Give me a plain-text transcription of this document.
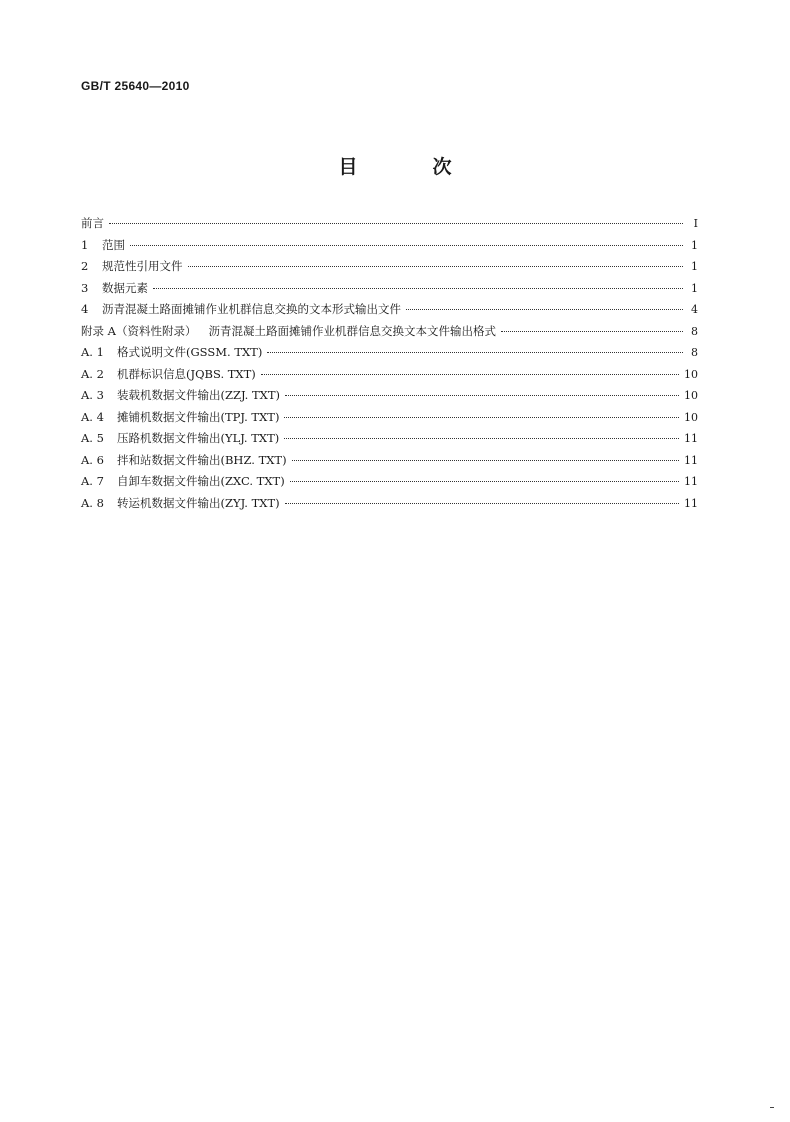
GB/T 25640—2010
目　次
前言	Ⅰ
1	范围	1
2	规范性引用文件	1
3	数据元素	1
4	沥青混凝土路面摊铺作业机群信息交换的文本形式输出文件	4
附录 A（资料性附录） 沥青混凝土路面摊铺作业机群信息交换文本文件输出格式	8
A. 1	格式说明文件(GSSM. TXT)	8
A. 2	机群标识信息(JQBS. TXT)	10
A. 3	装载机数据文件输出(ZZJ. TXT)	10
A. 4	摊铺机数据文件输出(TPJ. TXT)	10
A. 5	压路机数据文件输出(YLJ. TXT)	11
A. 6	拌和站数据文件输出(BHZ. TXT)	11
A. 7	自卸车数据文件输出(ZXC. TXT)	11
A. 8	转运机数据文件输出(ZYJ. TXT)	11
